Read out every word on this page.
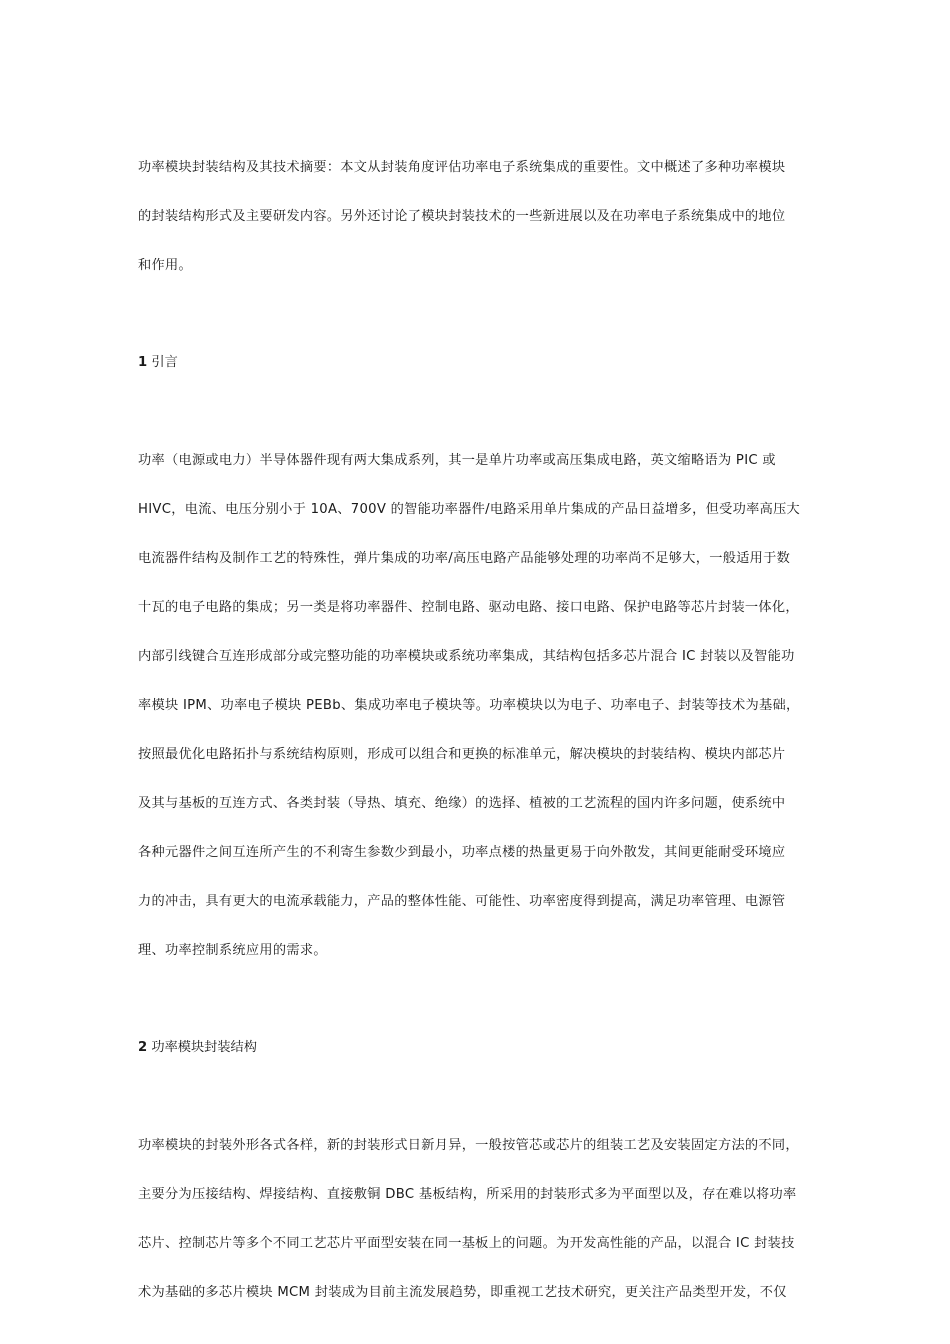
功率模块封装结构及其技术摘要：本文从封装角度评估功率电子系统集成的重要性。文中概述了多种功率模块
的封装结构形式及主要研发内容。另外还讨论了模块封装技术的一些新进展以及在功率电子系统集成中的地位
和作用。

1 引言

功率（电源或电力）半导体器件现有两大集成系列，其一是单片功率或高压集成电路，英文缩略语为 PIC 或
HIVC，电流、电压分别小于 10A、700V 的智能功率器件/电路采用单片集成的产品日益增多，但受功率高压大
电流器件结构及制作工艺的特殊性，弹片集成的功率/高压电路产品能够处理的功率尚不足够大，一般适用于数
十瓦的电子电路的集成；另一类是将功率器件、控制电路、驱动电路、接口电路、保护电路等芯片封装一体化，
内部引线键合互连形成部分或完整功能的功率模块或系统功率集成，其结构包括多芯片混合 IC 封装以及智能功
率模块 IPM、功率电子模块 PEBb、集成功率电子模块等。功率模块以为电子、功率电子、封装等技术为基础，
按照最优化电路拓扑与系统结构原则，形成可以组合和更换的标准单元，解决模块的封装结构、模块内部芯片
及其与基板的互连方式、各类封装（导热、填充、绝缘）的选择、植被的工艺流程的国内许多问题，使系统中
各种元器件之间互连所产生的不利寄生参数少到最小，功率点楼的热量更易于向外散发，其间更能耐受环境应
力的冲击，具有更大的电流承载能力，产品的整体性能、可能性、功率密度得到提高，满足功率管理、电源管
理、功率控制系统应用的需求。

2 功率模块封装结构

功率模块的封装外形各式各样，新的封装形式日新月异，一般按管芯或芯片的组装工艺及安装固定方法的不同，
主要分为压接结构、焊接结构、直接敷铜 DBC 基板结构，所采用的封装形式多为平面型以及，存在难以将功率
芯片、控制芯片等多个不同工艺芯片平面型安装在同一基板上的问题。为开发高性能的产品，以混合 IC 封装技
术为基础的多芯片模块 MCM 封装成为目前主流发展趋势，即重视工艺技术研究，更关注产品类型开发，不仅
